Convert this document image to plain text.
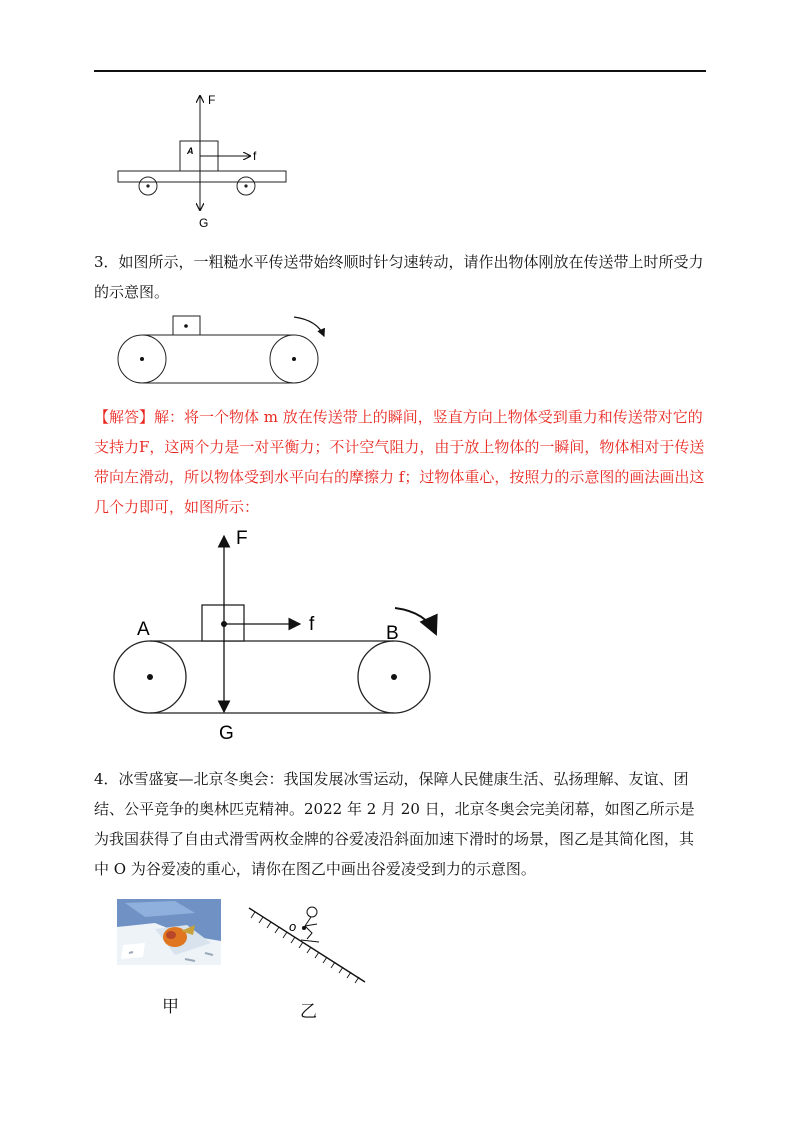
F
A	f
G
3．如图所示，一粗糙水平传送带始终顺时针匀速转动，请作出物体刚放在传送带上时所受力的示意图。
【解答】解：将一个物体 m 放在传送带上的瞬间，竖直方向上物体受到重力和传送带对它的支持力F，这两个力是一对平衡力；不计空气阻力，由于放上物体的一瞬间，物体相对于传送带向左滑动，所以物体受到水平向右的摩擦力 f；过物体重心，按照力的示意图的画法画出这几个力即可，如图所示：
F
f
A	B
G
4．冰雪盛宴—北京冬奥会：我国发展冰雪运动，保障人民健康生活、弘扬理解、友谊、团结、公平竞争的奥林匹克精神。2022 年 2 月 20 日，北京冬奥会完美闭幕，如图乙所示是为我国获得了自由式滑雪两枚金牌的谷爱凌沿斜面加速下滑时的场景，图乙是其简化图，其中 O 为谷爱凌的重心，请你在图乙中画出谷爱凌受到力的示意图。
甲
o
乙
